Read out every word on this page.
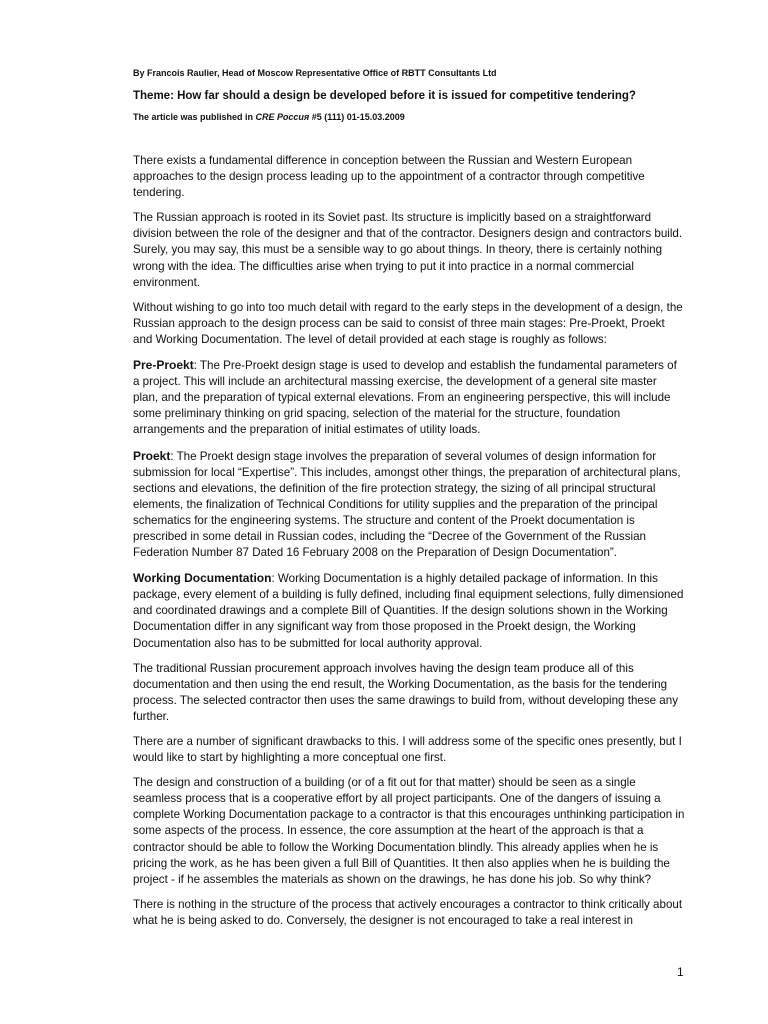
By Francois Raulier, Head of Moscow Representative Office of RBTT Consultants Ltd

Theme: How far should a design be developed before it is issued for competitive tendering?

The article was published in CRE Россия #5 (111) 01-15.03.2009

There exists a fundamental difference in conception between the Russian and Western European approaches to the design process leading up to the appointment of a contractor through competitive tendering.

The Russian approach is rooted in its Soviet past. Its structure is implicitly based on a straightforward division between the role of the designer and that of the contractor. Designers design and contractors build. Surely, you may say, this must be a sensible way to go about things. In theory, there is certainly nothing wrong with the idea. The difficulties arise when trying to put it into practice in a normal commercial environment.

Without wishing to go into too much detail with regard to the early steps in the development of a design, the Russian approach to the design process can be said to consist of three main stages: Pre-Proekt, Proekt and Working Documentation. The level of detail provided at each stage is roughly as follows:

Pre-Proekt: The Pre-Proekt design stage is used to develop and establish the fundamental parameters of a project. This will include an architectural massing exercise, the development of a general site master plan, and the preparation of typical external elevations. From an engineering perspective, this will include some preliminary thinking on grid spacing, selection of the material for the structure, foundation arrangements and the preparation of initial estimates of utility loads.

Proekt: The Proekt design stage involves the preparation of several volumes of design information for submission for local “Expertise”. This includes, amongst other things, the preparation of architectural plans, sections and elevations, the definition of the fire protection strategy, the sizing of all principal structural elements, the finalization of Technical Conditions for utility supplies and the preparation of the principal schematics for the engineering systems. The structure and content of the Proekt documentation is prescribed in some detail in Russian codes, including the “Decree of the Government of the Russian Federation Number 87 Dated 16 February 2008 on the Preparation of Design Documentation”.

Working Documentation: Working Documentation is a highly detailed package of information. In this package, every element of a building is fully defined, including final equipment selections, fully dimensioned and coordinated drawings and a complete Bill of Quantities. If the design solutions shown in the Working Documentation differ in any significant way from those proposed in the Proekt design, the Working Documentation also has to be submitted for local authority approval.

The traditional Russian procurement approach involves having the design team produce all of this documentation and then using the end result, the Working Documentation, as the basis for the tendering process. The selected contractor then uses the same drawings to build from, without developing these any further.

There are a number of significant drawbacks to this. I will address some of the specific ones presently, but I would like to start by highlighting a more conceptual one first.

The design and construction of a building (or of a fit out for that matter) should be seen as a single seamless process that is a cooperative effort by all project participants. One of the dangers of issuing a complete Working Documentation package to a contractor is that this encourages unthinking participation in some aspects of the process. In essence, the core assumption at the heart of the approach is that a contractor should be able to follow the Working Documentation blindly. This already applies when he is pricing the work, as he has been given a full Bill of Quantities. It then also applies when he is building the project - if he assembles the materials as shown on the drawings, he has done his job. So why think?

There is nothing in the structure of the process that actively encourages a contractor to think critically about what he is being asked to do. Conversely, the designer is not encouraged to take a real interest in

1
